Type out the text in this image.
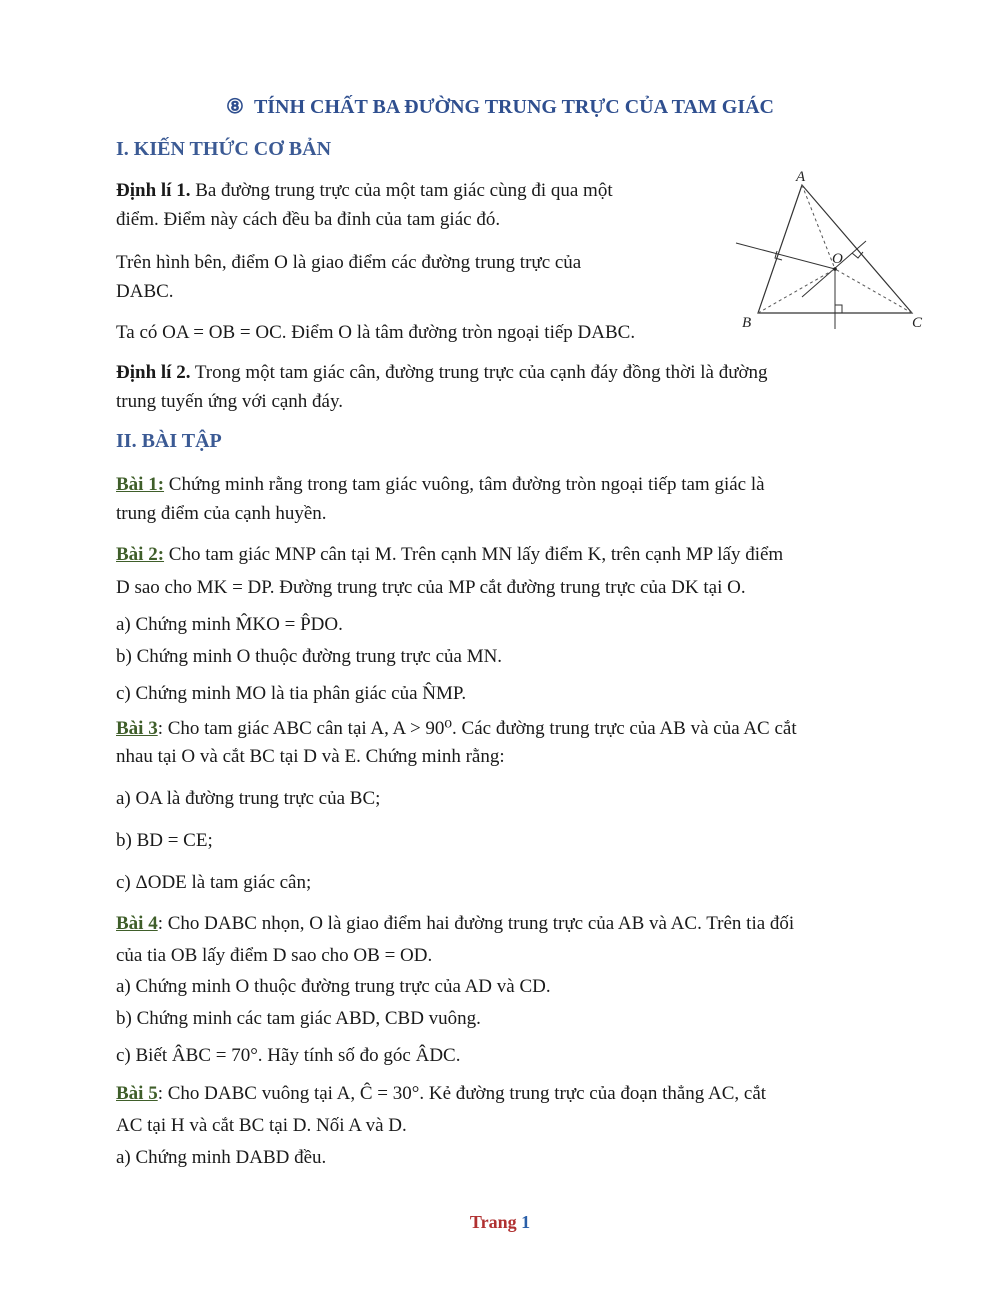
⑧ TÍNH CHẤT BA ĐƯỜNG TRUNG TRỰC CỦA TAM GIÁC
I. KIẾN THỨC CƠ BẢN
Định lí 1. Ba đường trung trực của một tam giác cùng đi qua một
điểm. Điểm này cách đều ba đỉnh của tam giác đó.
Trên hình bên, điểm O là giao điểm các đường trung trực của
DABC.
Ta có OA = OB = OC. Điểm O là tâm đường tròn ngoại tiếp DABC.
A
O
B	C
Định lí 2. Trong một tam giác cân, đường trung trực của cạnh đáy đồng thời là đường
trung tuyến ứng với cạnh đáy.
II. BÀI TẬP
Bài 1: Chứng minh rằng trong tam giác vuông, tâm đường tròn ngoại tiếp tam giác là
trung điểm của cạnh huyền.
Bài 2: Cho tam giác MNP cân tại M. Trên cạnh MN lấy điểm K, trên cạnh MP lấy điểm
D sao cho MK = DP. Đường trung trực của MP cắt đường trung trực của DK tại O.
a) Chứng minh M̂KO = P̂DO.
b) Chứng minh O thuộc đường trung trực của MN.
c) Chứng minh MO là tia phân giác của N̂MP.
Bài 3: Cho tam giác ABC cân tại A, A > 90⁰. Các đường trung trực của AB và của AC cắt
nhau tại O và cắt BC tại D và E. Chứng minh rằng:
a) OA là đường trung trực của BC;
b) BD = CE;
c) ΔODE là tam giác cân;
Bài 4: Cho DABC nhọn, O là giao điểm hai đường trung trực của AB và AC. Trên tia đối
của tia OB lấy điểm D sao cho OB = OD.
a) Chứng minh O thuộc đường trung trực của AD và CD.
b) Chứng minh các tam giác ABD, CBD vuông.
c) Biết ÂBC = 70°. Hãy tính số đo góc ÂDC.
Bài 5: Cho DABC vuông tại A, Ĉ = 30°. Kẻ đường trung trực của đoạn thẳng AC, cắt
AC tại H và cắt BC tại D. Nối A và D.
a) Chứng minh DABD đều.
Trang 1
